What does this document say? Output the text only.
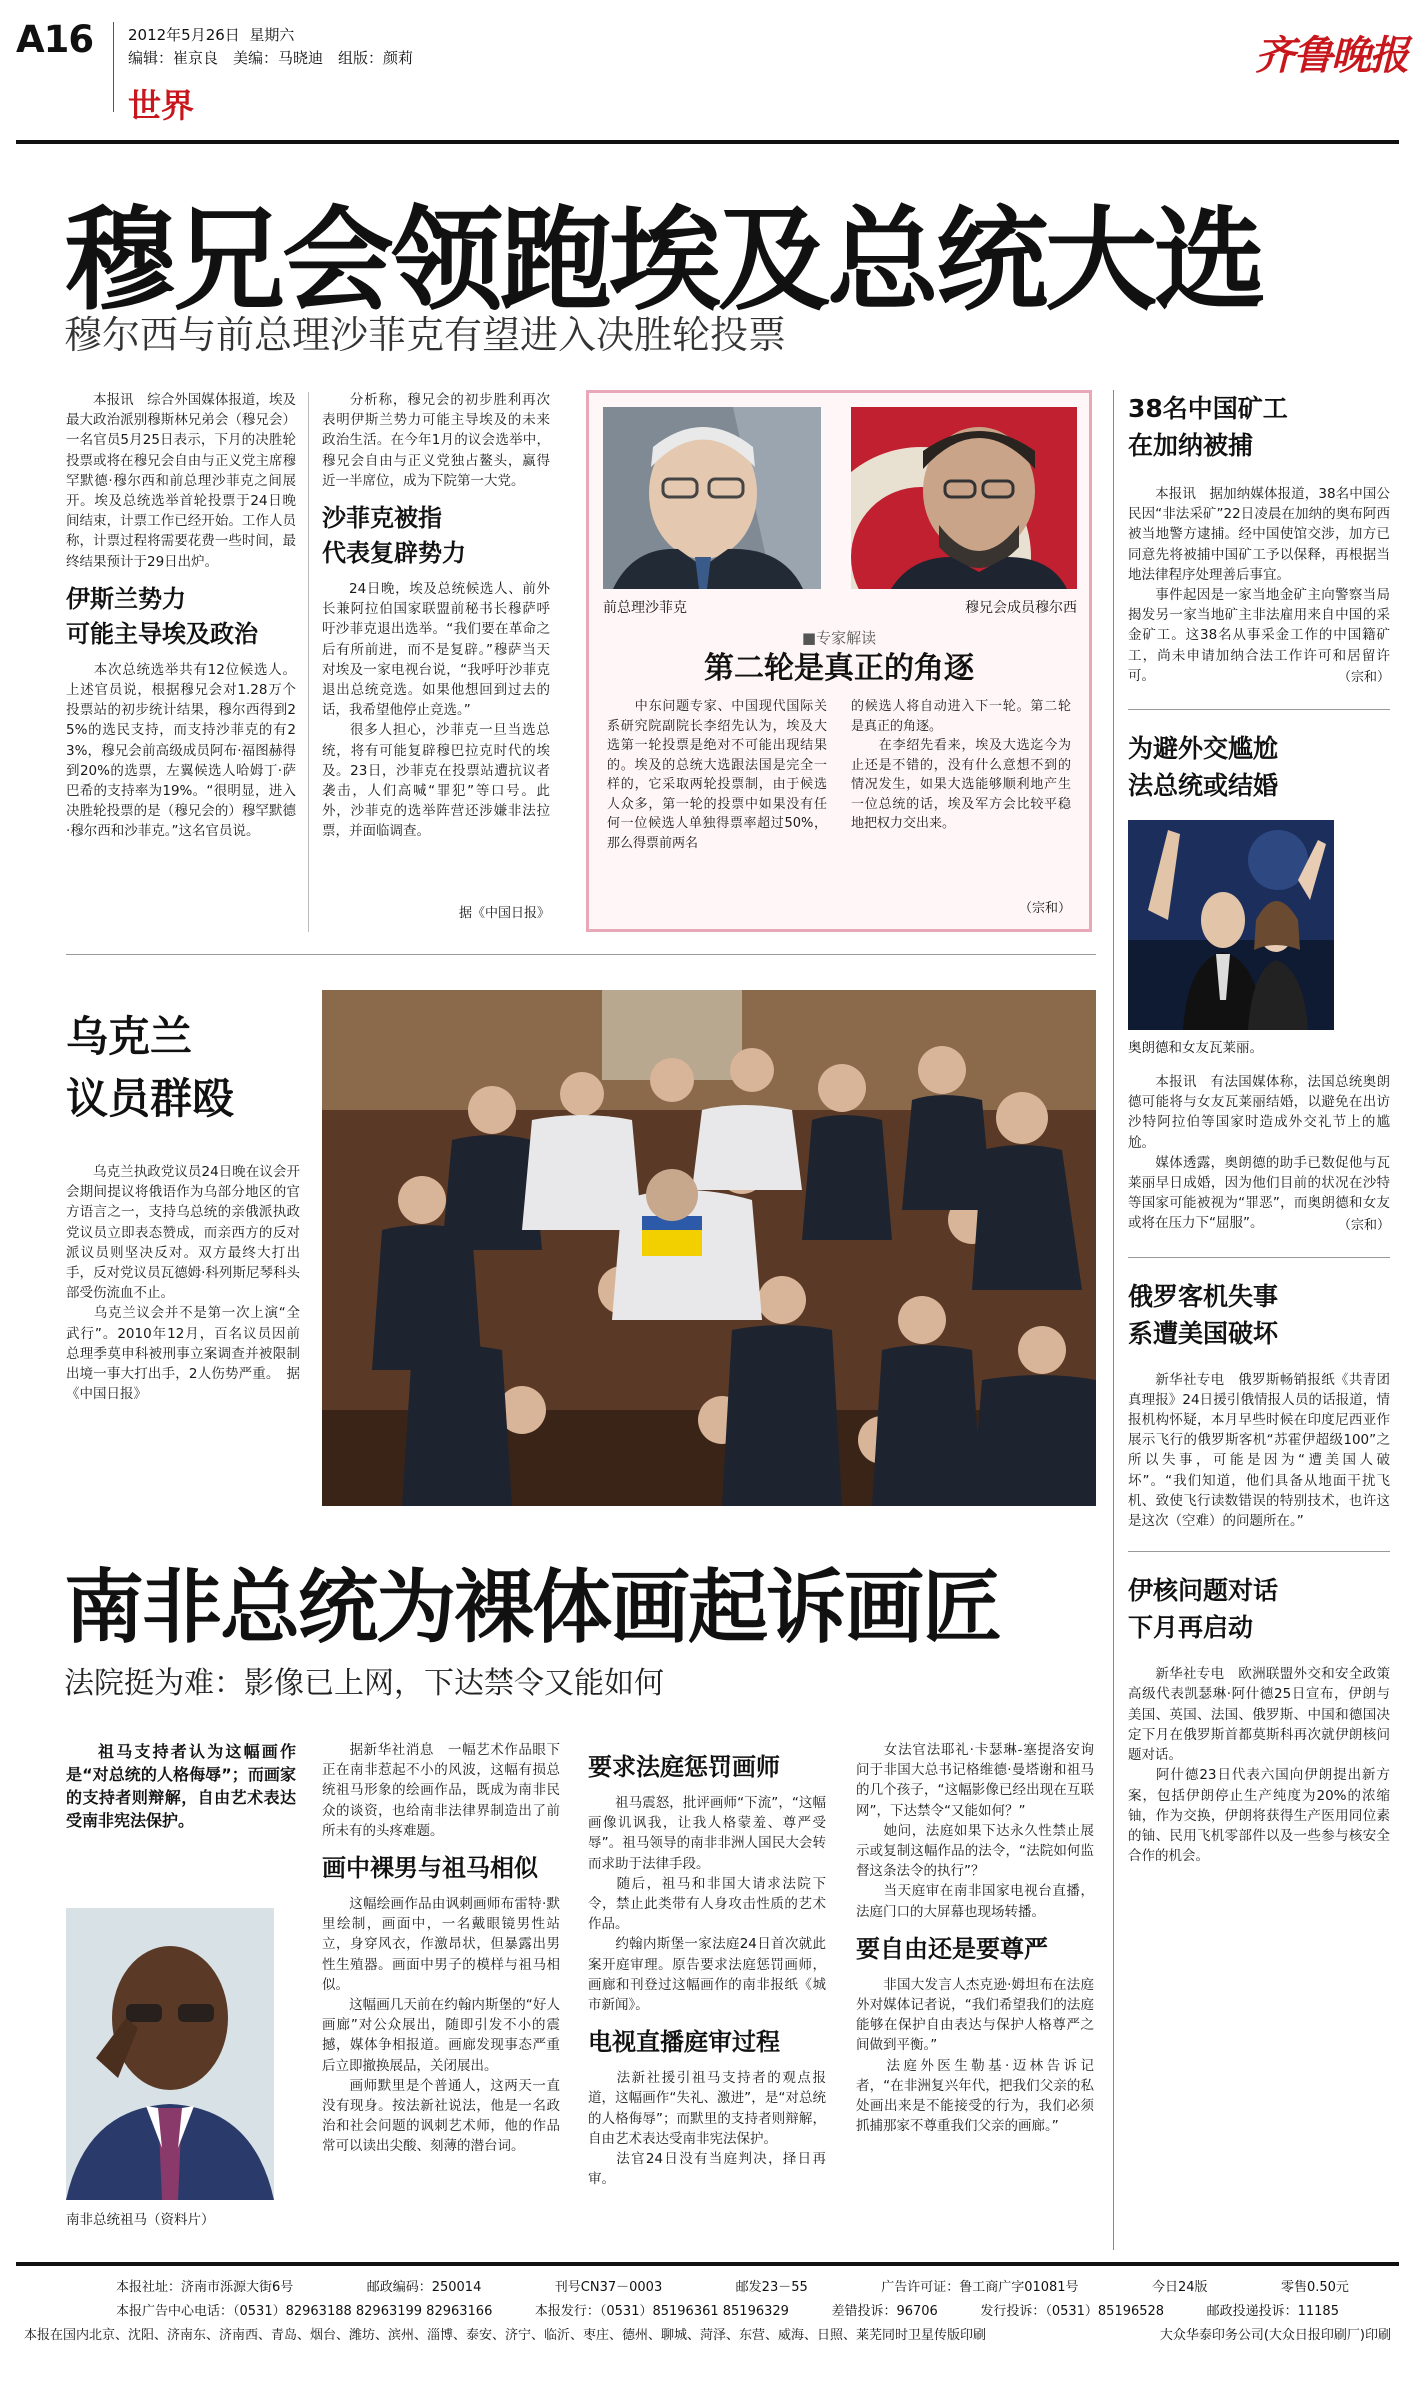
A16 2012年5月26日 星期六
编辑：崔京良　美编：马晓迪　组版：颜莉
世界
齐鲁晚报
穆兄会领跑埃及总统大选
穆尔西与前总理沙菲克有望进入决胜轮投票
本报讯　综合外国媒体报道，埃及最大政治派别穆斯林兄弟会（穆兄会）一名官员5月25日表示，下月的决胜轮投票或将在穆兄会自由与正义党主席穆罕默德·穆尔西和前总理沙菲克之间展开。埃及总统选举首轮投票于24日晚间结束，计票工作已经开始。工作人员称，计票过程将需要花费一些时间，最终结果预计于29日出炉。
伊斯兰势力
可能主导埃及政治
本次总统选举共有12位候选人。上述官员说，根据穆兄会对1.28万个投票站的初步统计结果，穆尔西得到25%的选民支持，而支持沙菲克的有23%，穆兄会前高级成员阿布·福图赫得到20%的选票，左翼候选人哈姆丁·萨巴希的支持率为19%。“很明显，进入决胜轮投票的是（穆兄会的）穆罕默德·穆尔西和沙菲克。”这名官员说。
分析称，穆兄会的初步胜利再次表明伊斯兰势力可能主导埃及的未来政治生活。在今年1月的议会选举中，穆兄会自由与正义党独占鳌头，赢得近一半席位，成为下院第一大党。
沙菲克被指
代表复辟势力
24日晚，埃及总统候选人、前外长兼阿拉伯国家联盟前秘书长穆萨呼吁沙菲克退出选举。“我们要在革命之后有所前进，而不是复辟。”穆萨当天对埃及一家电视台说，“我呼吁沙菲克退出总统竞选。如果他想回到过去的话，我希望他停止竞选。”
很多人担心，沙菲克一旦当选总统，将有可能复辟穆巴拉克时代的埃及。23日，沙菲克在投票站遭抗议者袭击，人们高喊“罪犯”等口号。此外，沙菲克的选举阵营还涉嫌非法拉票，并面临调查。
据《中国日报》
前总理沙菲克	穆兄会成员穆尔西
■专家解读
第二轮是真正的角逐
中东问题专家、中国现代国际关系研究院副院长李绍先认为，埃及大选第一轮投票是绝对不可能出现结果的。埃及的总统大选跟法国是完全一样的，它采取两轮投票制，由于候选人众多，第一轮的投票中如果没有任何一位候选人单独得票率超过50%，那么得票前两名
的候选人将自动进入下一轮。第二轮是真正的角逐。
在李绍先看来，埃及大选迄今为止还是不错的，没有什么意想不到的情况发生，如果大选能够顺利地产生一位总统的话，埃及军方会比较平稳地把权力交出来。
（宗和）
38名中国矿工
在加纳被捕
本报讯　据加纳媒体报道，38名中国公民因“非法采矿”22日凌晨在加纳的奥布阿西被当地警方逮捕。经中国使馆交涉，加方已同意先将被捕中国矿工予以保释，再根据当地法律程序处理善后事宜。
事件起因是一家当地金矿主向警察当局揭发另一家当地矿主非法雇用来自中国的采金矿工。这38名从事采金工作的中国籍矿工，尚未申请加纳合法工作许可和居留许可。	（宗和）
为避外交尴尬
法总统或结婚
奥朗德和女友瓦莱丽。
本报讯　有法国媒体称，法国总统奥朗德可能将与女友瓦莱丽结婚，以避免在出访沙特阿拉伯等国家时造成外交礼节上的尴尬。
媒体透露，奥朗德的助手已数促他与瓦莱丽早日成婚，因为他们目前的状况在沙特等国家可能被视为“罪恶”，而奥朗德和女友或将在压力下“屈服”。	（宗和）
俄罗客机失事
系遭美国破坏
新华社专电　俄罗斯畅销报纸《共青团真理报》24日援引俄情报人员的话报道，情报机构怀疑，本月早些时候在印度尼西亚作展示飞行的俄罗斯客机“苏霍伊超级100”之所以失事，可能是因为“遭美国人破坏”。“我们知道，他们具备从地面干扰飞机、致使飞行读数错误的特别技术，也许这是这次（空难）的问题所在。”
伊核问题对话
下月再启动
新华社专电　欧洲联盟外交和安全政策高级代表凯瑟琳·阿什德25日宣布，伊朗与美国、英国、法国、俄罗斯、中国和德国决定下月在俄罗斯首都莫斯科再次就伊朗核问题对话。
阿什德23日代表六国向伊朗提出新方案，包括伊朗停止生产纯度为20%的浓缩铀，作为交换，伊朗将获得生产医用同位素的铀、民用飞机零部件以及一些参与核安全合作的机会。
乌克兰
议员群殴
乌克兰执政党议员24日晚在议会开会期间提议将俄语作为乌部分地区的官方语言之一，支持乌总统的亲俄派执政党议员立即表态赞成，而亲西方的反对派议员则坚决反对。双方最终大打出手，反对党议员瓦德姆·科列斯尼琴科头部受伤流血不止。
乌克兰议会并不是第一次上演“全武行”。2010年12月，百名议员因前总理季莫申科被刑事立案调查并被限制出境一事大打出手，2人伤势严重。　据《中国日报》
南非总统为裸体画起诉画匠
法院挺为难：影像已上网，下达禁令又能如何
祖马支持者认为这幅画作是“对总统的人格侮辱”；而画家的支持者则辩解，自由艺术表达受南非宪法保护。
南非总统祖马（资料片）
据新华社消息　一幅艺术作品眼下正在南非惹起不小的风波，这幅有损总统祖马形象的绘画作品，既成为南非民众的谈资，也给南非法律界制造出了前所未有的头疼难题。
画中裸男与祖马相似
这幅绘画作品由讽刺画师布雷特·默里绘制，画面中，一名戴眼镜男性站立，身穿风衣，作激昂状，但暴露出男性生殖器。画面中男子的模样与祖马相似。
这幅画几天前在约翰内斯堡的“好人画廊”对公众展出，随即引发不小的震撼，媒体争相报道。画廊发现事态严重后立即撤换展品，关闭展出。
画师默里是个普通人，这两天一直没有现身。按法新社说法，他是一名政治和社会问题的讽刺艺术师，他的作品常可以读出尖酸、刻薄的潜台词。
要求法庭惩罚画师
祖马震怒，批评画师“下流”，“这幅画像讥讽我，让我人格蒙羞、尊严受辱”。祖马领导的南非非洲人国民大会转而求助于法律手段。
随后，祖马和非国大请求法院下令，禁止此类带有人身攻击性质的艺术作品。
约翰内斯堡一家法庭24日首次就此案开庭审理。原告要求法庭惩罚画师，画廊和刊登过这幅画作的南非报纸《城市新闻》。
电视直播庭审过程
法新社援引祖马支持者的观点报道，这幅画作“失礼、激进”，是“对总统的人格侮辱”；而默里的支持者则辩解，自由艺术表达受南非宪法保护。
法官24日没有当庭判决，择日再审。
女法官法耶礼·卡瑟琳-塞提洛安询问于非国大总书记格维德·曼塔谢和祖马的几个孩子，“这幅影像已经出现在互联网”，下达禁令“又能如何？”
她问，法庭如果下达永久性禁止展示或复制这幅作品的法令，“法院如何监督这条法令的执行”？
当天庭审在南非国家电视台直播，法庭门口的大屏幕也现场转播。
要自由还是要尊严
非国大发言人杰克逊·姆坦布在法庭外对媒体记者说，“我们希望我们的法庭能够在保护自由表达与保护人格尊严之间做到平衡。”
法庭外医生勒基·迈林告诉记者，“在非洲复兴年代，把我们父亲的私处画出来是不能接受的行为，我们必须抓捕那家不尊重我们父亲的画廊。”
本报社址：济南市泺源大街6号	邮政编码：250014	刊号CN37－0003	邮发23－55	广告许可证：鲁工商广字01081号	今日24版	零售0.50元
本报广告中心电话：（0531）82963188 82963199 82963166	本报发行：（0531）85196361 85196329	差错投诉：96706	发行投诉：（0531）85196528	邮政投递投诉：11185
本报在国内北京、沈阳、济南东、济南西、青岛、烟台、潍坊、滨州、淄博、泰安、济宁、临沂、枣庄、德州、聊城、菏泽、东营、威海、日照、莱芜同时卫星传版印刷	大众华泰印务公司(大众日报印刷厂)印刷
